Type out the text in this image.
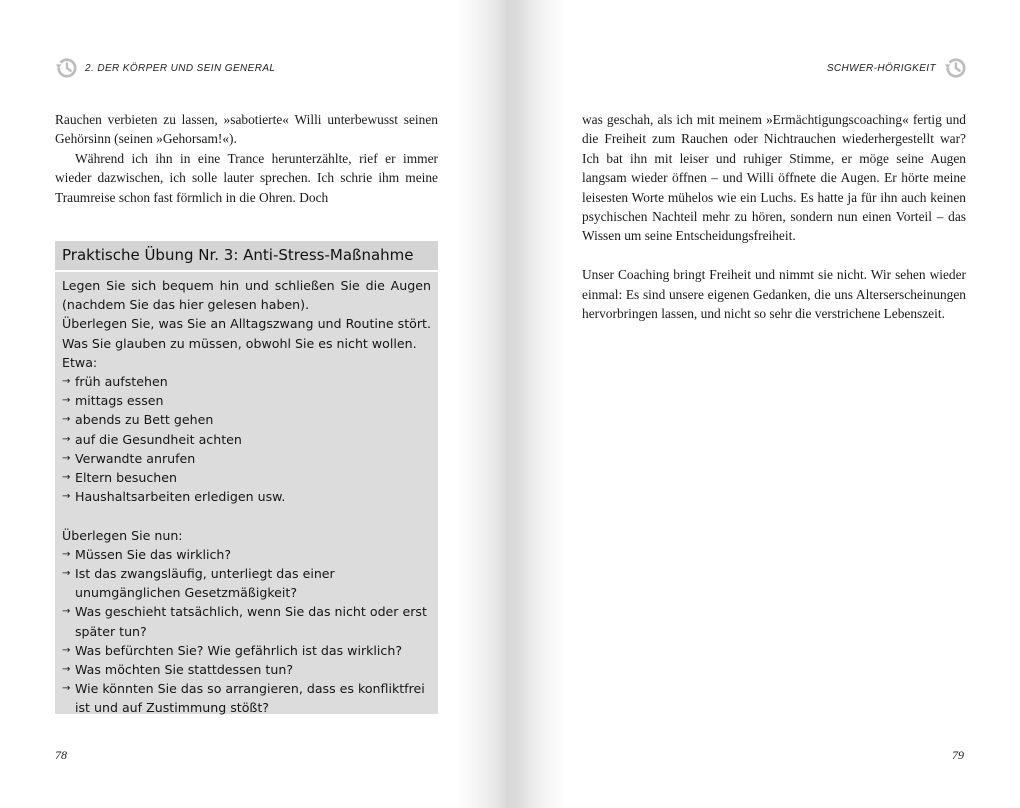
2. DER KÖRPER UND SEIN GENERAL

Rauchen verbieten zu lassen, »sabotierte« Willi unterbewusst seinen Gehörsinn (seinen »Gehorsam!«).

Während ich ihn in eine Trance herunterzählte, rief er immer wieder dazwischen, ich solle lauter sprechen. Ich schrie ihm meine Traumreise schon fast förmlich in die Ohren. Doch

Praktische Übung Nr. 3: Anti-Stress-Maßnahme

Legen Sie sich bequem hin und schließen Sie die Augen (nachdem Sie das hier gelesen haben).

Überlegen Sie, was Sie an Alltagszwang und Routine stört. Was Sie glauben zu müssen, obwohl Sie es nicht wollen.

Etwa:

→ früh aufstehen
→ mittags essen
→ abends zu Bett gehen
→ auf die Gesundheit achten
→ Verwandte anrufen
→ Eltern besuchen
→ Haushaltsarbeiten erledigen usw.

Überlegen Sie nun:

→ Müssen Sie das wirklich?
→ Ist das zwangsläufig, unterliegt das einer unumgänglichen Gesetzmäßigkeit?
→ Was geschieht tatsächlich, wenn Sie das nicht oder erst später tun?
→ Was befürchten Sie? Wie gefährlich ist das wirklich?
→ Was möchten Sie stattdessen tun?
→ Wie könnten Sie das so arrangieren, dass es konfliktfrei ist und auf Zustimmung stößt?
78
SCHWER-HÖRIGKEIT

was geschah, als ich mit meinem »Ermächtigungscoaching« fertig und die Freiheit zum Rauchen oder Nichtrauchen wiederhergestellt war? Ich bat ihn mit leiser und ruhiger Stimme, er möge seine Augen langsam wieder öffnen – und Willi öffnete die Augen. Er hörte meine leisesten Worte mühelos wie ein Luchs. Es hatte ja für ihn auch keinen psychischen Nachteil mehr zu hören, sondern nun einen Vorteil – das Wissen um seine Entscheidungsfreiheit.

Unser Coaching bringt Freiheit und nimmt sie nicht. Wir sehen wieder einmal: Es sind unsere eigenen Gedanken, die uns Alterserscheinungen hervorbringen lassen, und nicht so sehr die verstrichene Lebenszeit.

79
